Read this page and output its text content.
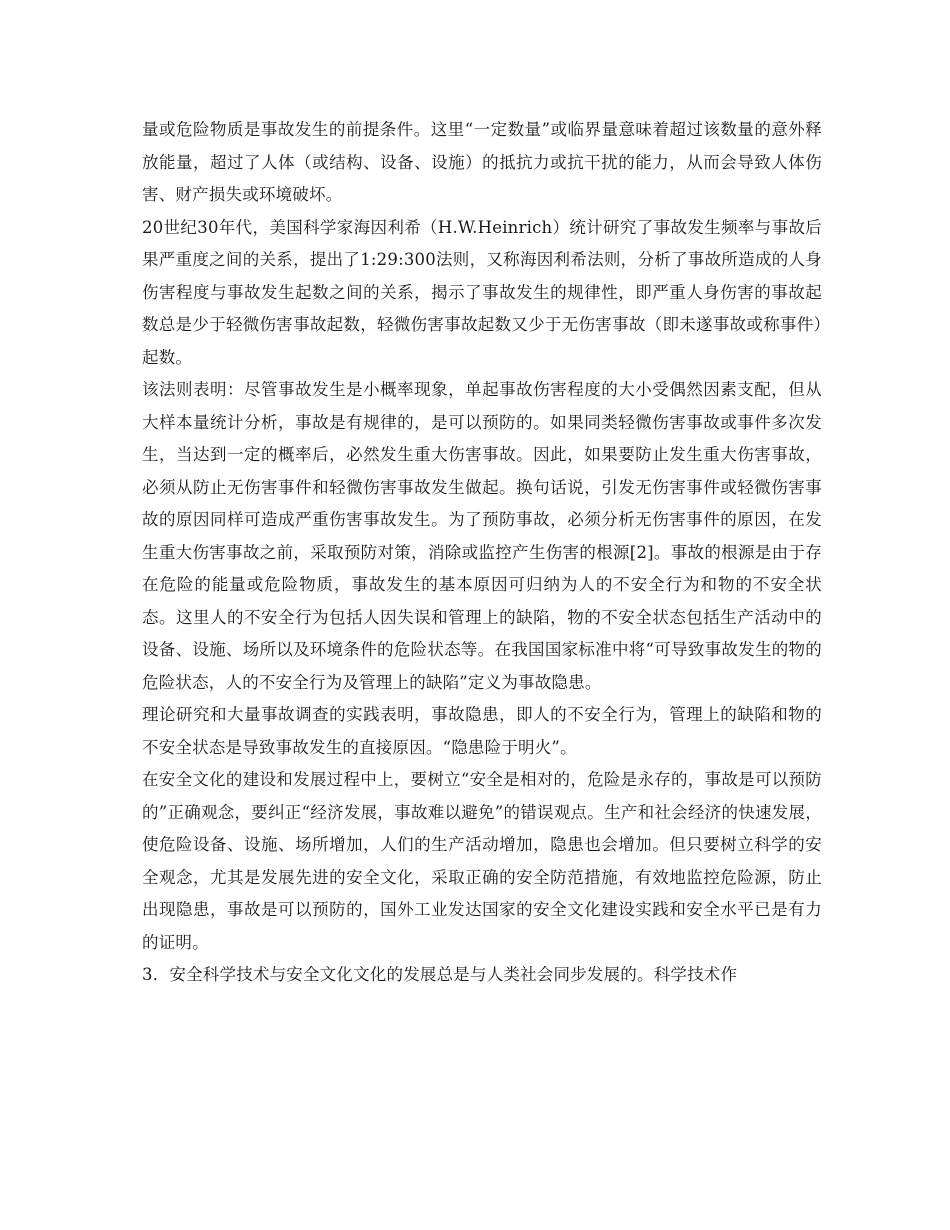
量或危险物质是事故发生的前提条件。这里“一定数量”或临界量意味着超过该数量的意外释放能量，超过了人体（或结构、设备、设施）的抵抗力或抗干扰的能力，从而会导致人体伤害、财产损失或环境破坏。

20世纪30年代，美国科学家海因利希（H.W.Heinrich）统计研究了事故发生频率与事故后果严重度之间的关系，提出了1:29:300法则，又称海因利希法则，分析了事故所造成的人身伤害程度与事故发生起数之间的关系，揭示了事故发生的规律性，即严重人身伤害的事故起数总是少于轻微伤害事故起数，轻微伤害事故起数又少于无伤害事故（即未遂事故或称事件）起数。

该法则表明：尽管事故发生是小概率现象，单起事故伤害程度的大小受偶然因素支配，但从大样本量统计分析，事故是有规律的，是可以预防的。如果同类轻微伤害事故或事件多次发生，当达到一定的概率后，必然发生重大伤害事故。因此，如果要防止发生重大伤害事故，必须从防止无伤害事件和轻微伤害事故发生做起。换句话说，引发无伤害事件或轻微伤害事故的原因同样可造成严重伤害事故发生。为了预防事故，必须分析无伤害事件的原因，在发生重大伤害事故之前，采取预防对策，消除或监控产生伤害的根源[2]。事故的根源是由于存在危险的能量或危险物质，事故发生的基本原因可归纳为人的不安全行为和物的不安全状态。这里人的不安全行为包括人因失误和管理上的缺陷，物的不安全状态包括生产活动中的设备、设施、场所以及环境条件的危险状态等。在我国国家标准中将“可导致事故发生的物的危险状态，人的不安全行为及管理上的缺陷”定义为事故隐患。

理论研究和大量事故调查的实践表明，事故隐患，即人的不安全行为，管理上的缺陷和物的不安全状态是导致事故发生的直接原因。“隐患险于明火”。

在安全文化的建设和发展过程中上，要树立“安全是相对的，危险是永存的，事故是可以预防的”正确观念，要纠正“经济发展，事故难以避免”的错误观点。生产和社会经济的快速发展，使危险设备、设施、场所增加，人们的生产活动增加，隐患也会增加。但只要树立科学的安全观念，尤其是发展先进的安全文化，采取正确的安全防范措施，有效地监控危险源，防止出现隐患，事故是可以预防的，国外工业发达国家的安全文化建设实践和安全水平已是有力的证明。

3．安全科学技术与安全文化文化的发展总是与人类社会同步发展的。科学技术作
